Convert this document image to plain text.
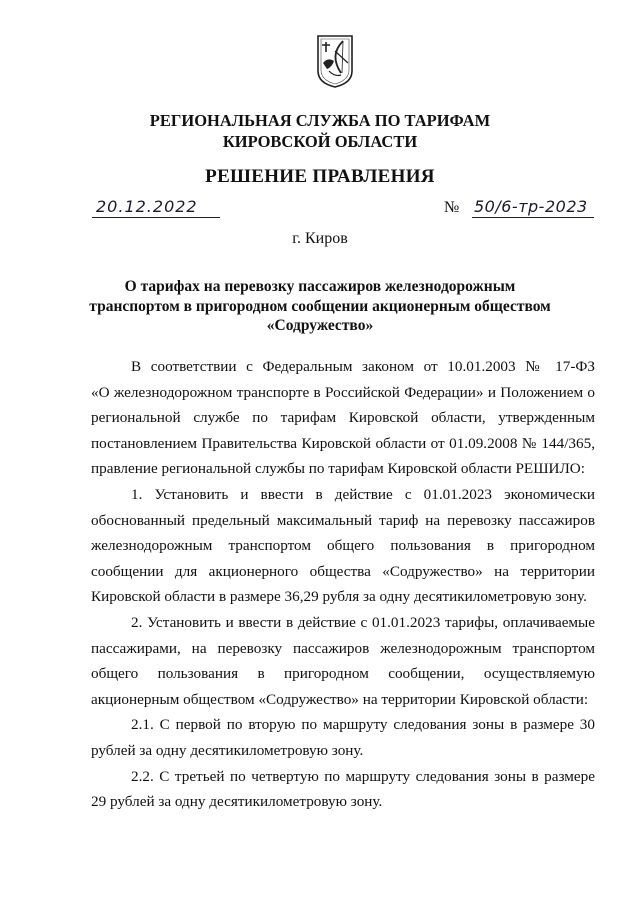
РЕГИОНАЛЬНАЯ СЛУЖБА ПО ТАРИФАМ
КИРОВСКОЙ ОБЛАСТИ
РЕШЕНИЕ ПРАВЛЕНИЯ
20.12.2022	№ 50/6-тр-2023
г. Киров
О тарифах на перевозку пассажиров железнодорожным
транспортом в пригородном сообщении акционерным обществом
«Содружество»
В соответствии с Федеральным законом от 10.01.2003 № 17-ФЗ
«О железнодорожном транспорте в Российской Федерации» и Положением о
региональной службе по тарифам Кировской области, утвержденным
постановлением Правительства Кировской области от 01.09.2008 № 144/365,
правление региональной службы по тарифам Кировской области РЕШИЛО:
1. Установить и ввести в действие с 01.01.2023 экономически
обоснованный предельный максимальный тариф на перевозку пассажиров
железнодорожным транспортом общего пользования в пригородном
сообщении для акционерного общества «Содружество» на территории
Кировской области в размере 36,29 рубля за одну десятикилометровую зону.
2. Установить и ввести в действие с 01.01.2023 тарифы, оплачиваемые
пассажирами, на перевозку пассажиров железнодорожным транспортом
общего пользования в пригородном сообщении, осуществляемую
акционерным обществом «Содружество» на территории Кировской области:
2.1. С первой по вторую по маршруту следования зоны в размере 30
рублей за одну десятикилометровую зону.
2.2. С третьей по четвертую по маршруту следования зоны в размере
29 рублей за одну десятикилометровую зону.
